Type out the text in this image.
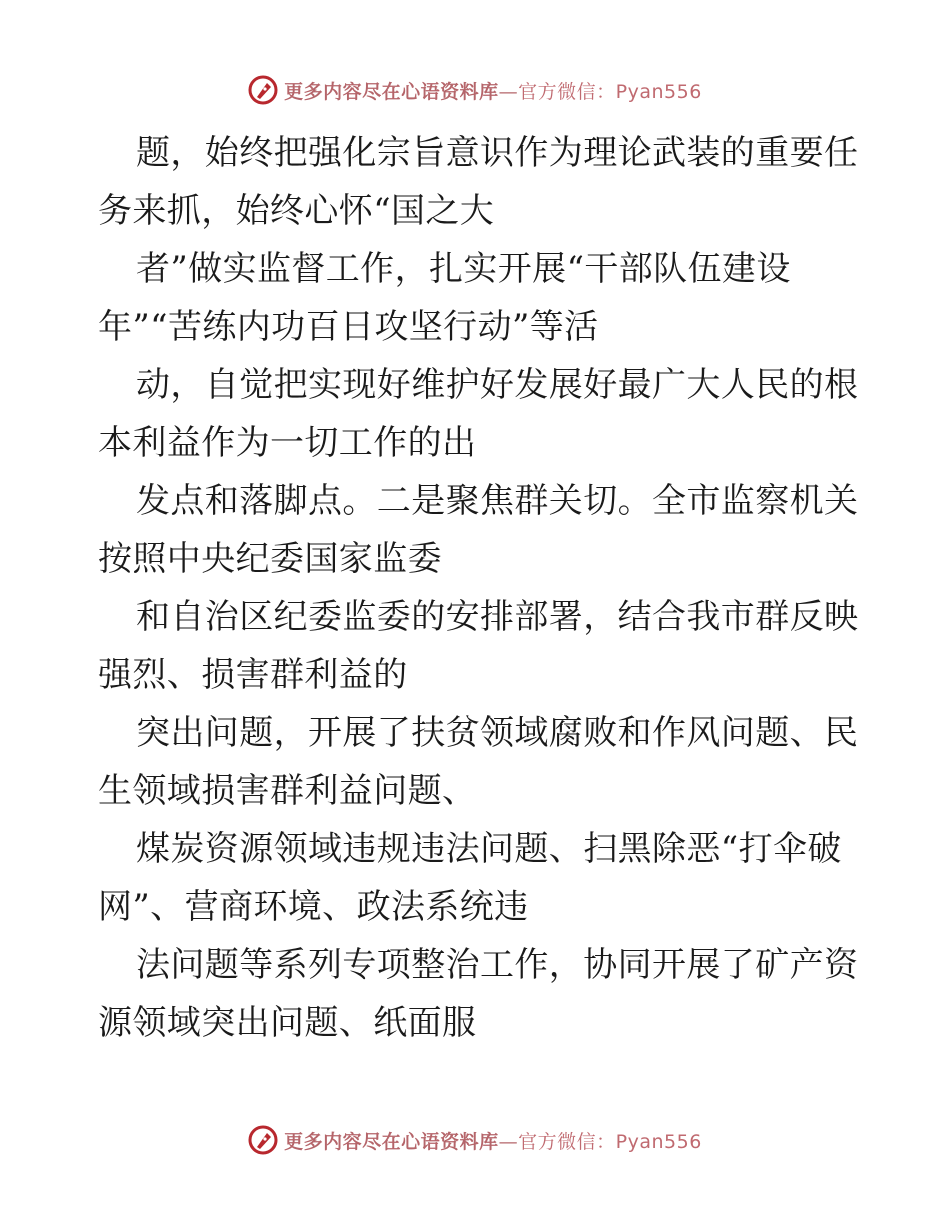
更多内容尽在心语资料库—官方微信：Pyan556
题，始终把强化宗旨意识作为理论武装的重要任
务来抓，始终心怀“国之大
者”做实监督工作，扎实开展“干部队伍建设
年”“苦练内功百日攻坚行动”等活
动，自觉把实现好维护好发展好最广大人民的根
本利益作为一切工作的出
发点和落脚点。二是聚焦群关切。全市监察机关
按照中央纪委国家监委
和自治区纪委监委的安排部署，结合我市群反映
强烈、损害群利益的
突出问题，开展了扶贫领域腐败和作风问题、民
生领域损害群利益问题、
煤炭资源领域违规违法问题、扫黑除恶“打伞破
网”、营商环境、政法系统违
法问题等系列专项整治工作，协同开展了矿产资
源领域突出问题、纸面服
更多内容尽在心语资料库—官方微信：Pyan556
